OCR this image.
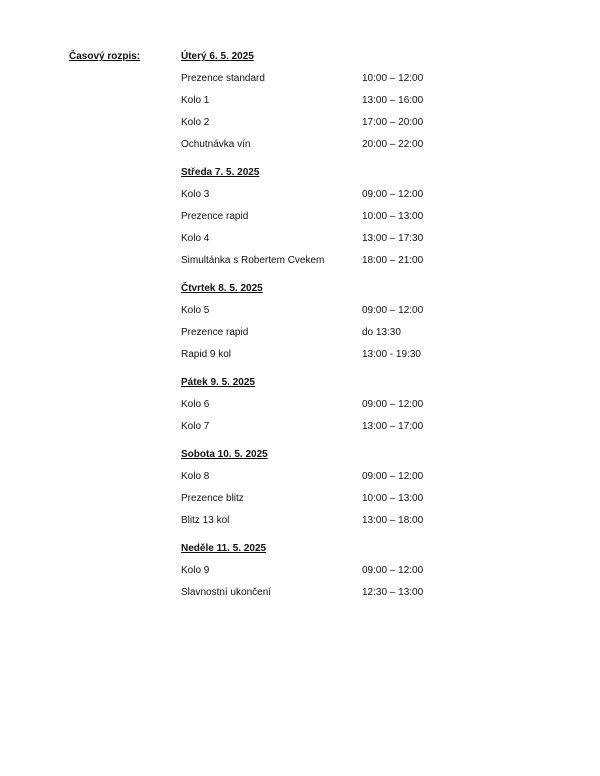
Časový rozpis:	Úterý 6. 5. 2025
Prezence standard	10:00 – 12:00
Kolo 1	13:00 – 16:00
Kolo 2	17:00 – 20:00
Ochutnávka vín	20:00 – 22:00
Středa 7. 5. 2025
Kolo 3	09:00 – 12:00
Prezence rapid	10:00 – 13:00
Kolo 4	13:00 – 17:30
Simultánka s Robertem Cvekem	18:00 – 21:00
Čtvrtek 8. 5. 2025
Kolo 5	09:00 – 12:00
Prezence rapid	do 13:30
Rapid 9 kol	13:00 - 19:30
Pátek 9. 5. 2025
Kolo 6	09:00 – 12:00
Kolo 7	13:00 – 17:00
Sobota 10. 5. 2025
Kolo 8	09:00 – 12:00
Prezence blitz	10:00 – 13:00
Blitz 13 kol	13:00 – 18:00
Neděle 11. 5. 2025
Kolo 9	09:00 – 12:00
Slavnostní ukončení	12:30 – 13:00
